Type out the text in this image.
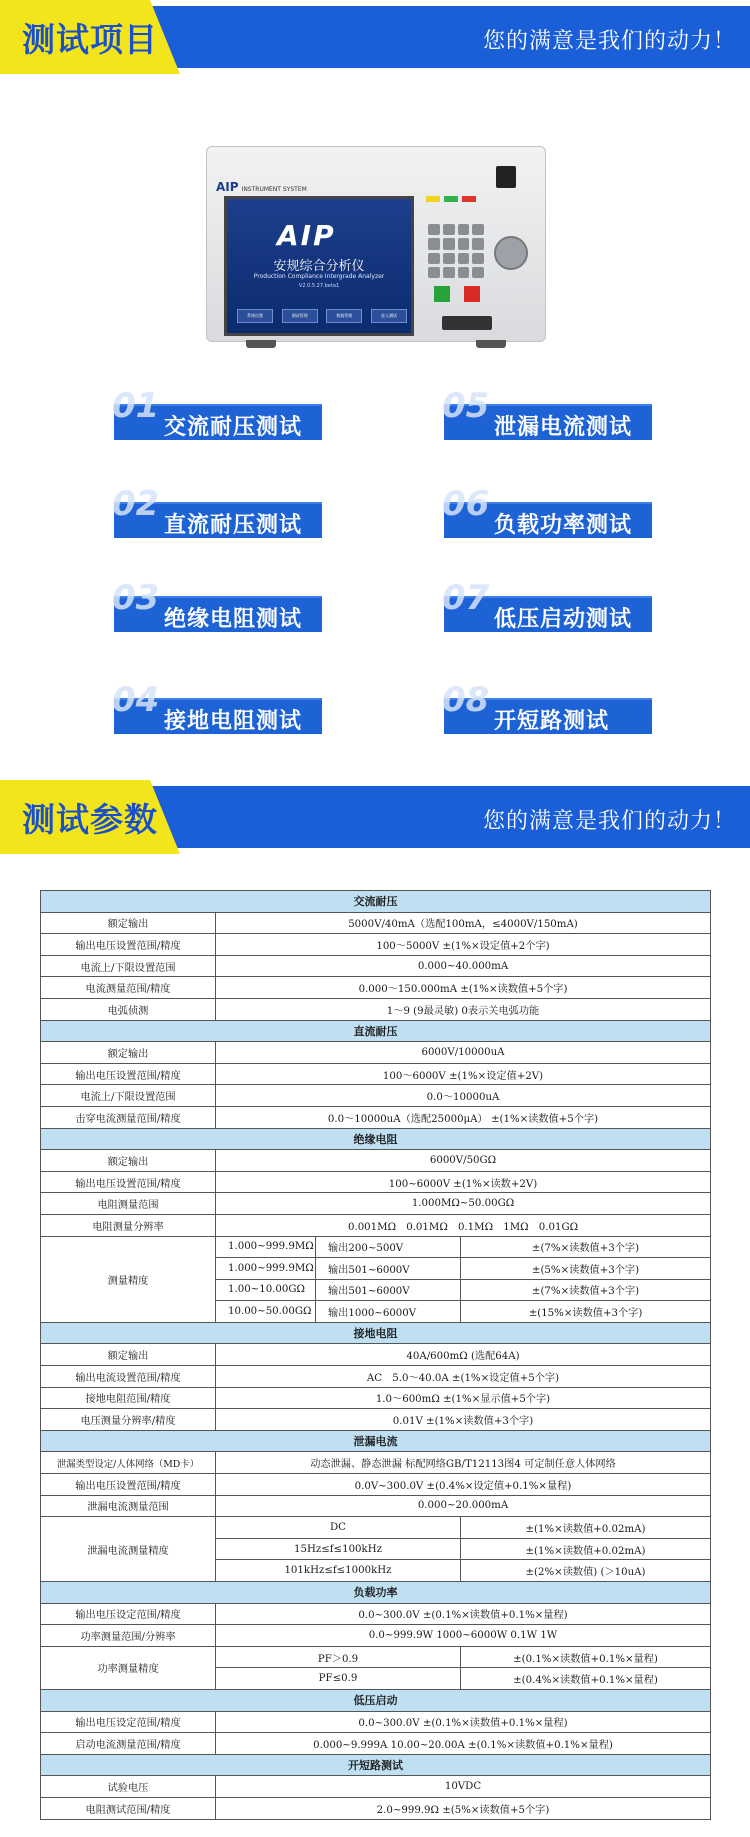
测试项目	您的满意是我们的动力！
AIP INSTRUMENT SYSTEM
AIP
安规综合分析仪
Production Compliance Intergrade Analyzer
V2.0.5.27.beta1
系统设置	测试管理	数据管理	进入测试
01
交流耐压测试
05
泄漏电流测试
02
直流耐压测试
06
负载功率测试
03
绝缘电阻测试
07
低压启动测试
04
接地电阻测试
08
开短路测试
测试参数	您的满意是我们的动力！
交流耐压			
额定输出	5000V/40mA（选配100mA，≤4000V/150mA)		
输出电压设置范围/精度	100～5000V ±(1%×设定值+2个字)		
电流上/下限设置范围	0.000~40.000mA		
电流测量范围/精度	0.000～150.000mA ±(1%×读数值+5个字)		
电弧侦测	1～9 (9最灵敏) 0表示关电弧功能		
直流耐压			
额定输出	6000V/10000uA		
输出电压设置范围/精度	100～6000V ±(1%×设定值+2V)		
电流上/下限设置范围	0.0～10000uA		
击穿电流测量范围/精度	0.0～10000uA（选配25000μA） ±(1%×读数值+5个字)		
绝缘电阻			
额定输出	6000V/50GΩ		
输出电压设置范围/精度	100~6000V ±(1%×读数+2V)		
电阻测量范围	1.000MΩ~50.00GΩ		
电阻测量分辨率	0.001MΩ　0.01MΩ　0.1MΩ　1MΩ　0.01GΩ		
测量精度	1.000~999.9MΩ	输出200~500V	±(7%×读数值+3个字)
	1.000~999.9MΩ	输出501~6000V	±(5%×读数值+3个字)
	1.00~10.00GΩ	输出501~6000V	±(7%×读数值+3个字)
	10.00~50.00GΩ	输出1000~6000V	±(15%×读数值+3个字)
接地电阻			
额定输出	40A/600mΩ (选配64A)		
输出电流设置范围/精度	AC　5.0～40.0A ±(1%×设定值+5个字)		
接地电阻范围/精度	1.0～600mΩ ±(1%×显示值+5个字)		
电压测量分辨率/精度	0.01V ±(1%×读数值+3个字)		
泄漏电流			
泄漏类型设定/人体网络（MD卡）	动态泄漏、静态泄漏 标配网络GB/T12113图4 可定制任意人体网络		
输出电压设置范围/精度	0.0V~300.0V ±(0.4%×设定值+0.1%×量程)		
泄漏电流测量范围	0.000~20.000mA		
泄漏电流测量精度	DC		±(1%×读数值+0.02mA)
	15Hz≤f≤100kHz		±(1%×读数值+0.02mA)
	101kHz≤f≤1000kHz		±(2%×读数值) (＞10uA)
负载功率			
输出电压设定范围/精度	0.0~300.0V ±(0.1%×读数值+0.1%×量程)		
功率测量范围/分辨率	0.0~999.9W 1000~6000W 0.1W 1W		
功率测量精度	PF＞0.9		±(0.1%×读数值+0.1%×量程)
	PF≤0.9		±(0.4%×读数值+0.1%×量程)
低压启动			
输出电压设定范围/精度	0.0~300.0V ±(0.1%×读数值+0.1%×量程)		
启动电流测量范围/精度	0.000~9.999A 10.00~20.00A ±(0.1%×读数值+0.1%×量程)		
开短路测试			
试验电压	10VDC		
电阻测试范围/精度	2.0~999.9Ω ±(5%×读数值+5个字)		
